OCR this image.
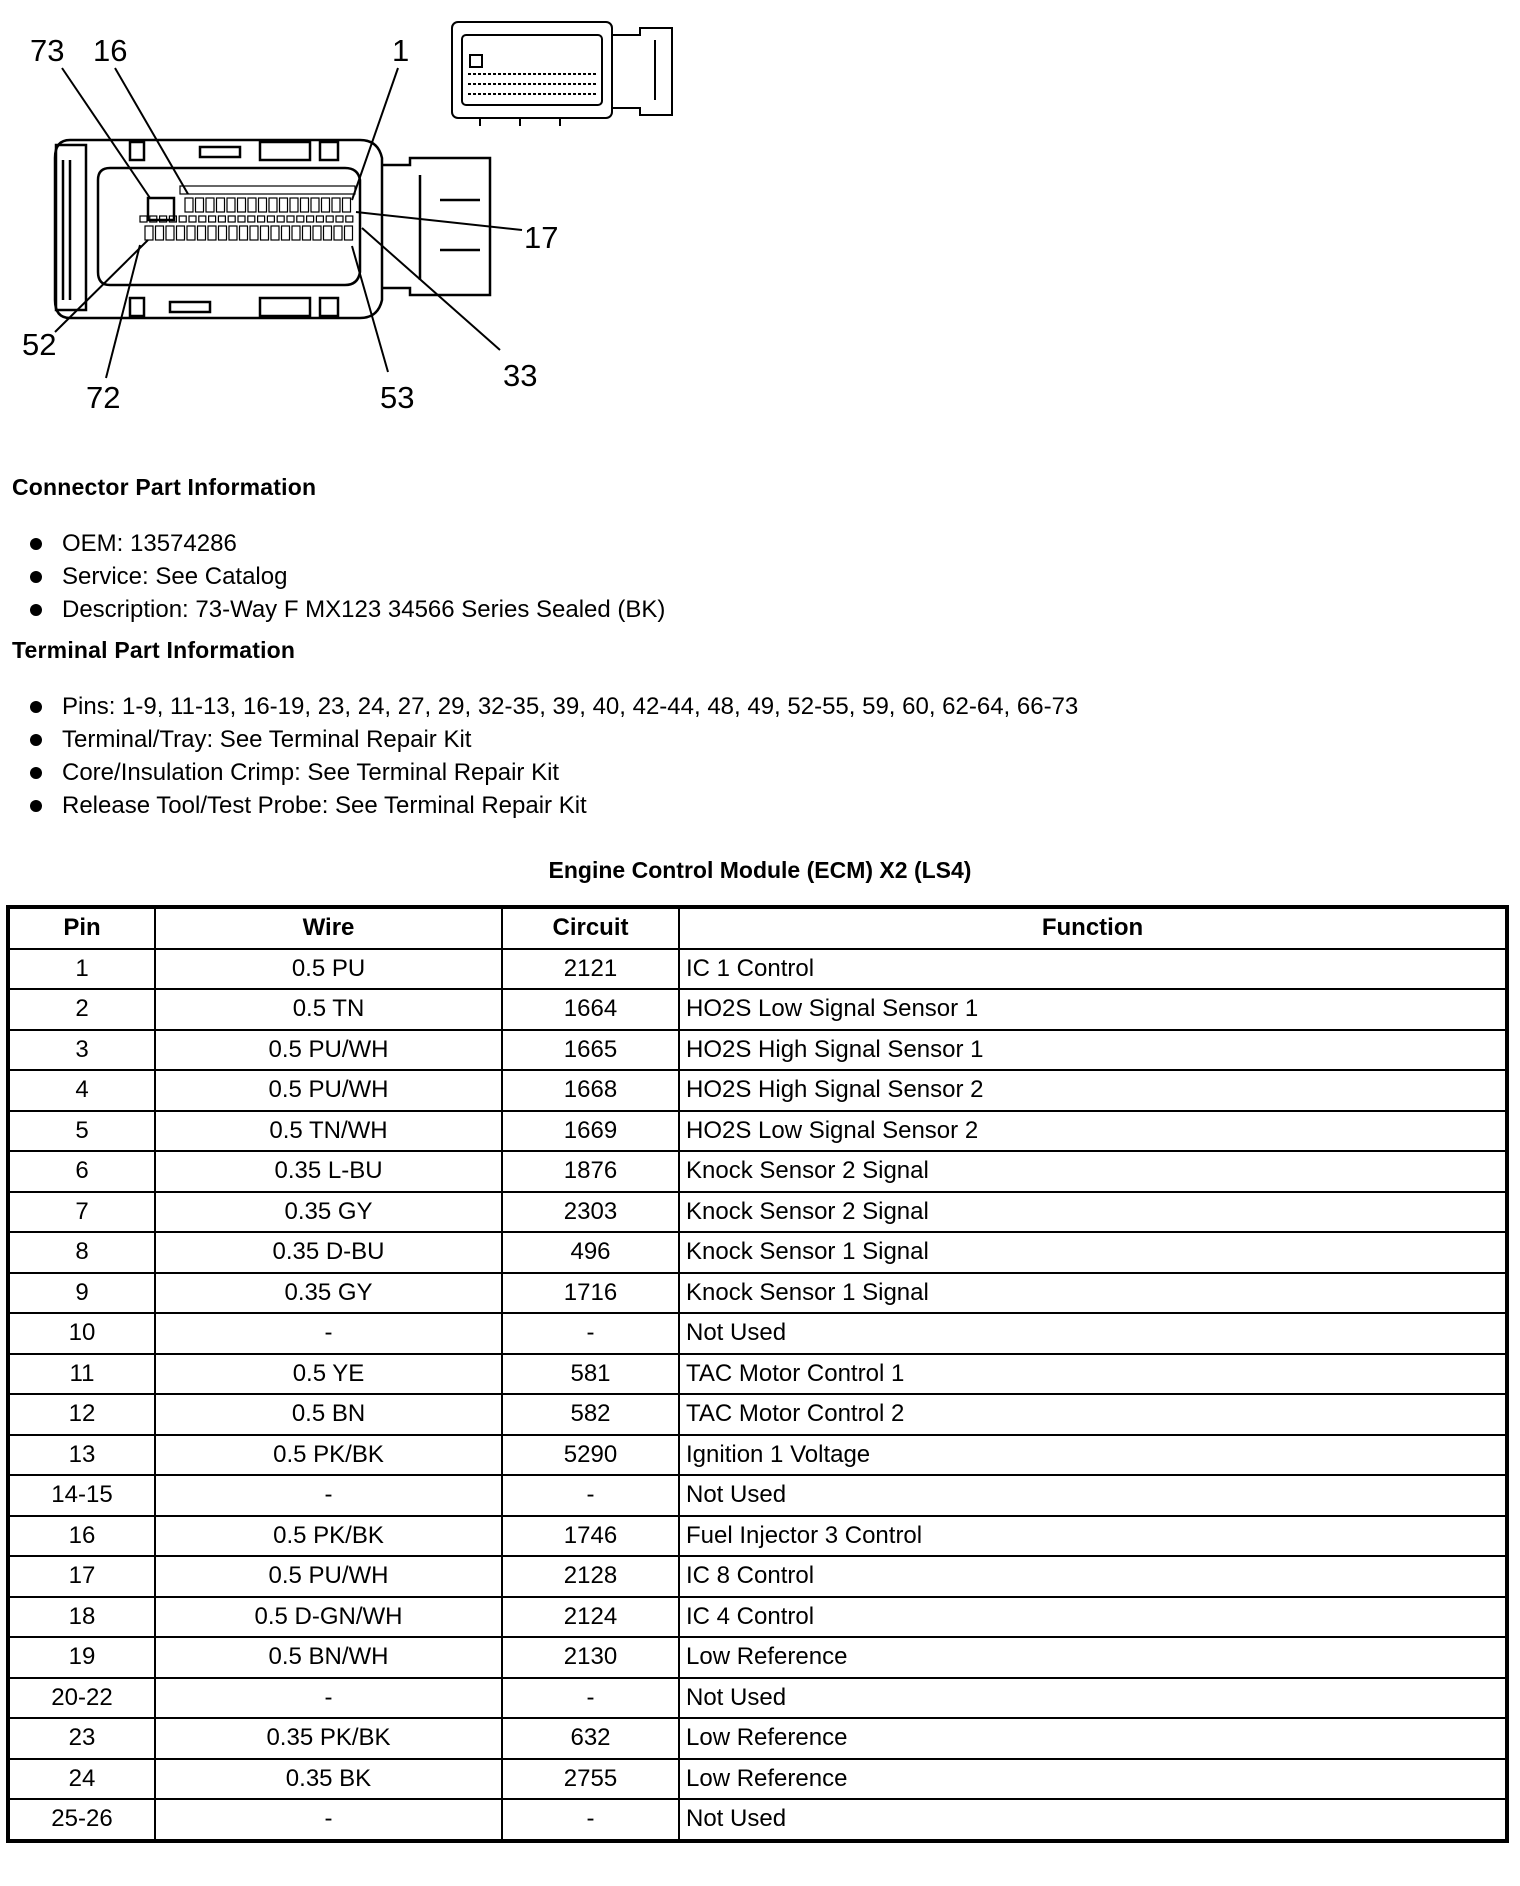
73 16	1
17
52
72	53
33
Connector Part Information
OEM: 13574286
Service: See Catalog
Description: 73-Way F MX123 34566 Series Sealed (BK)
Terminal Part Information
Pins: 1-9, 11-13, 16-19, 23, 24, 27, 29, 32-35, 39, 40, 42-44, 48, 49, 52-55, 59, 60, 62-64, 66-73
Terminal/Tray: See Terminal Repair Kit
Core/Insulation Crimp: See Terminal Repair Kit
Release Tool/Test Probe: See Terminal Repair Kit
Engine Control Module (ECM) X2 (LS4)
Pin	Wire	Circuit	Function
1	0.5 PU	2121	IC 1 Control
2	0.5 TN	1664	HO2S Low Signal Sensor 1
3	0.5 PU/WH	1665	HO2S High Signal Sensor 1
4	0.5 PU/WH	1668	HO2S High Signal Sensor 2
5	0.5 TN/WH	1669	HO2S Low Signal Sensor 2
6	0.35 L-BU	1876	Knock Sensor 2 Signal
7	0.35 GY	2303	Knock Sensor 2 Signal
8	0.35 D-BU	496	Knock Sensor 1 Signal
9	0.35 GY	1716	Knock Sensor 1 Signal
10	-	-	Not Used
11	0.5 YE	581	TAC Motor Control 1
12	0.5 BN	582	TAC Motor Control 2
13	0.5 PK/BK	5290	Ignition 1 Voltage
14-15	-	-	Not Used
16	0.5 PK/BK	1746	Fuel Injector 3 Control
17	0.5 PU/WH	2128	IC 8 Control
18	0.5 D-GN/WH	2124	IC 4 Control
19	0.5 BN/WH	2130	Low Reference
20-22	-	-	Not Used
23	0.35 PK/BK	632	Low Reference
24	0.35 BK	2755	Low Reference
25-26	-	-	Not Used
